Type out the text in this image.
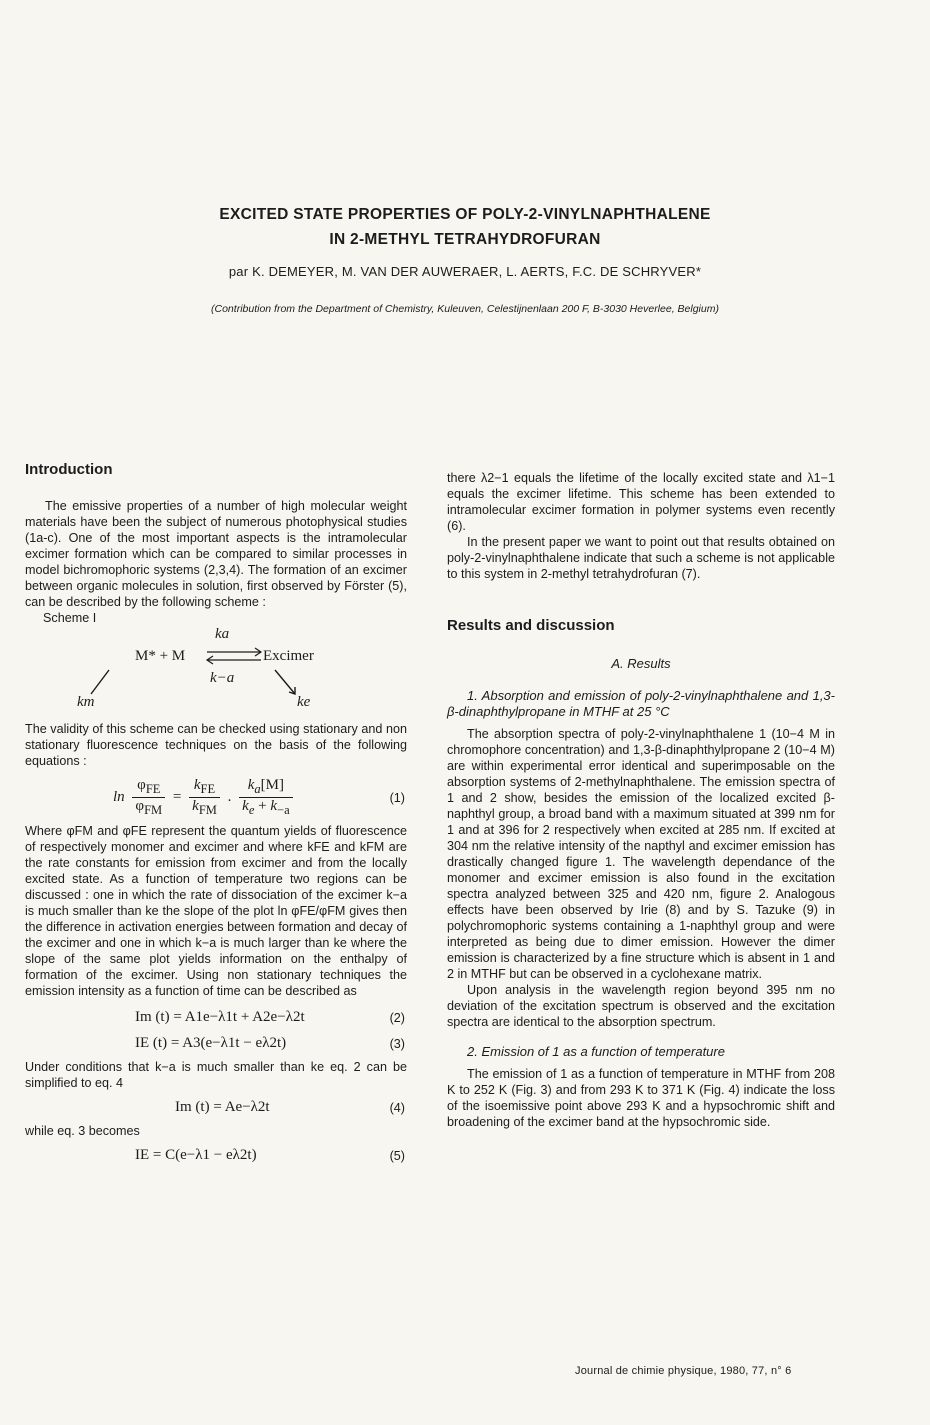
EXCITED STATE PROPERTIES OF POLY-2-VINYLNAPHTHALENE
IN 2-METHYL TETRAHYDROFURAN
par K. DEMEYER, M. VAN DER AUWERAER, L. AERTS, F.C. DE SCHRYVER*
(Contribution from the Department of Chemistry, Kuleuven, Celestijnenlaan 200 F, B-3030 Heverlee, Belgium)
Introduction

The emissive properties of a number of high molecular weight materials have been the subject of numerous photophysical studies (1a-c). One of the most important aspects is the intramolecular excimer formation which can be compared to similar processes in model bichromophoric systems (2,3,4). The formation of an excimer between organic molecules in solution, first observed by Förster (5), can be described by the following scheme :

Scheme I
ka
M* + M ⇌
Excimer
k−a
km	ke

The validity of this scheme can be checked using stationary and non stationary fluorescence techniques on the basis of the following equations :

$\ln \frac{\varphi_{FE}}{\varphi_{FM}} = \frac{k_{FE}}{k_{FM}}$ . $\frac{k_a[M]}{k_e + k_{-a}}$	(1)

Where φFM and φFE represent the quantum yields of fluorescence of respectively monomer and excimer and where kFE and kFM are the rate constants for emission from excimer and from the locally excited state. As a function of temperature two regions can be discussed : one in which the rate of dissociation of the excimer k−a is much smaller than ke the slope of the plot ln φFE/φFM gives then the difference in activation energies between formation and decay of the excimer and one in which k−a is much larger than ke where the slope of the same plot yields information on the enthalpy of formation of the excimer. Using non stationary techniques the emission intensity as a function of time can be described as

Im (t) = A1e−λ1t + A2e−λ2t	(2)
IE (t) = A3(e−λ1t − eλ2t)	(3)

Under conditions that k−a is much smaller than ke eq. 2 can be simplified to eq. 4

Im (t) = Ae−λ2t	(4)

while eq. 3 becomes

IE = C(e−λ1 − eλ2t)	(5)

there λ2−1 equals the lifetime of the locally excited state and λ1−1 equals the excimer lifetime. This scheme has been extended to intramolecular excimer formation in polymer systems even recently (6).

In the present paper we want to point out that results obtained on poly-2-vinylnaphthalene indicate that such a scheme is not applicable to this system in 2-methyl tetrahydrofuran (7).

Results and discussion
A. Results
1. Absorption and emission of poly-2-vinylnaphthalene and 1,3-β-dinaphthylpropane in MTHF at 25 °C

The absorption spectra of poly-2-vinylnaphthalene 1 (10−4 M in chromophore concentration) and 1,3-β-dinaphthylpropane 2 (10−4 M) are within experimental error identical and superimposable on the absorption systems of 2-methylnaphthalene. The emission spectra of 1 and 2 show, besides the emission of the localized excited β-naphthyl group, a broad band with a maximum situated at 399 nm for 1 and at 396 for 2 respectively when excited at 285 nm. If excited at 304 nm the relative intensity of the napthyl and excimer emission has drastically changed figure 1. The wavelength dependance of the monomer and excimer emission is also found in the excitation spectra analyzed between 325 and 420 nm, figure 2. Analogous effects have been observed by Irie (8) and by S. Tazuke (9) in polychromophoric systems containing a 1-naphthyl group and were interpreted as being due to dimer emission. However the dimer emission is characterized by a fine structure which is absent in 1 and 2 in MTHF but can be observed in a cyclohexane matrix.

Upon analysis in the wavelength region beyond 395 nm no deviation of the excitation spectrum is observed and the excitation spectra are identical to the absorption spectrum.

2. Emission of 1 as a function of temperature

The emission of 1 as a function of temperature in MTHF from 208 K to 252 K (Fig. 3) and from 293 K to 371 K (Fig. 4) indicate the loss of the isoemissive point above 293 K and a hypsochromic shift and broadening of the excimer band at the hypsochromic side.

Journal de chimie physique, 1980, 77, n° 6
